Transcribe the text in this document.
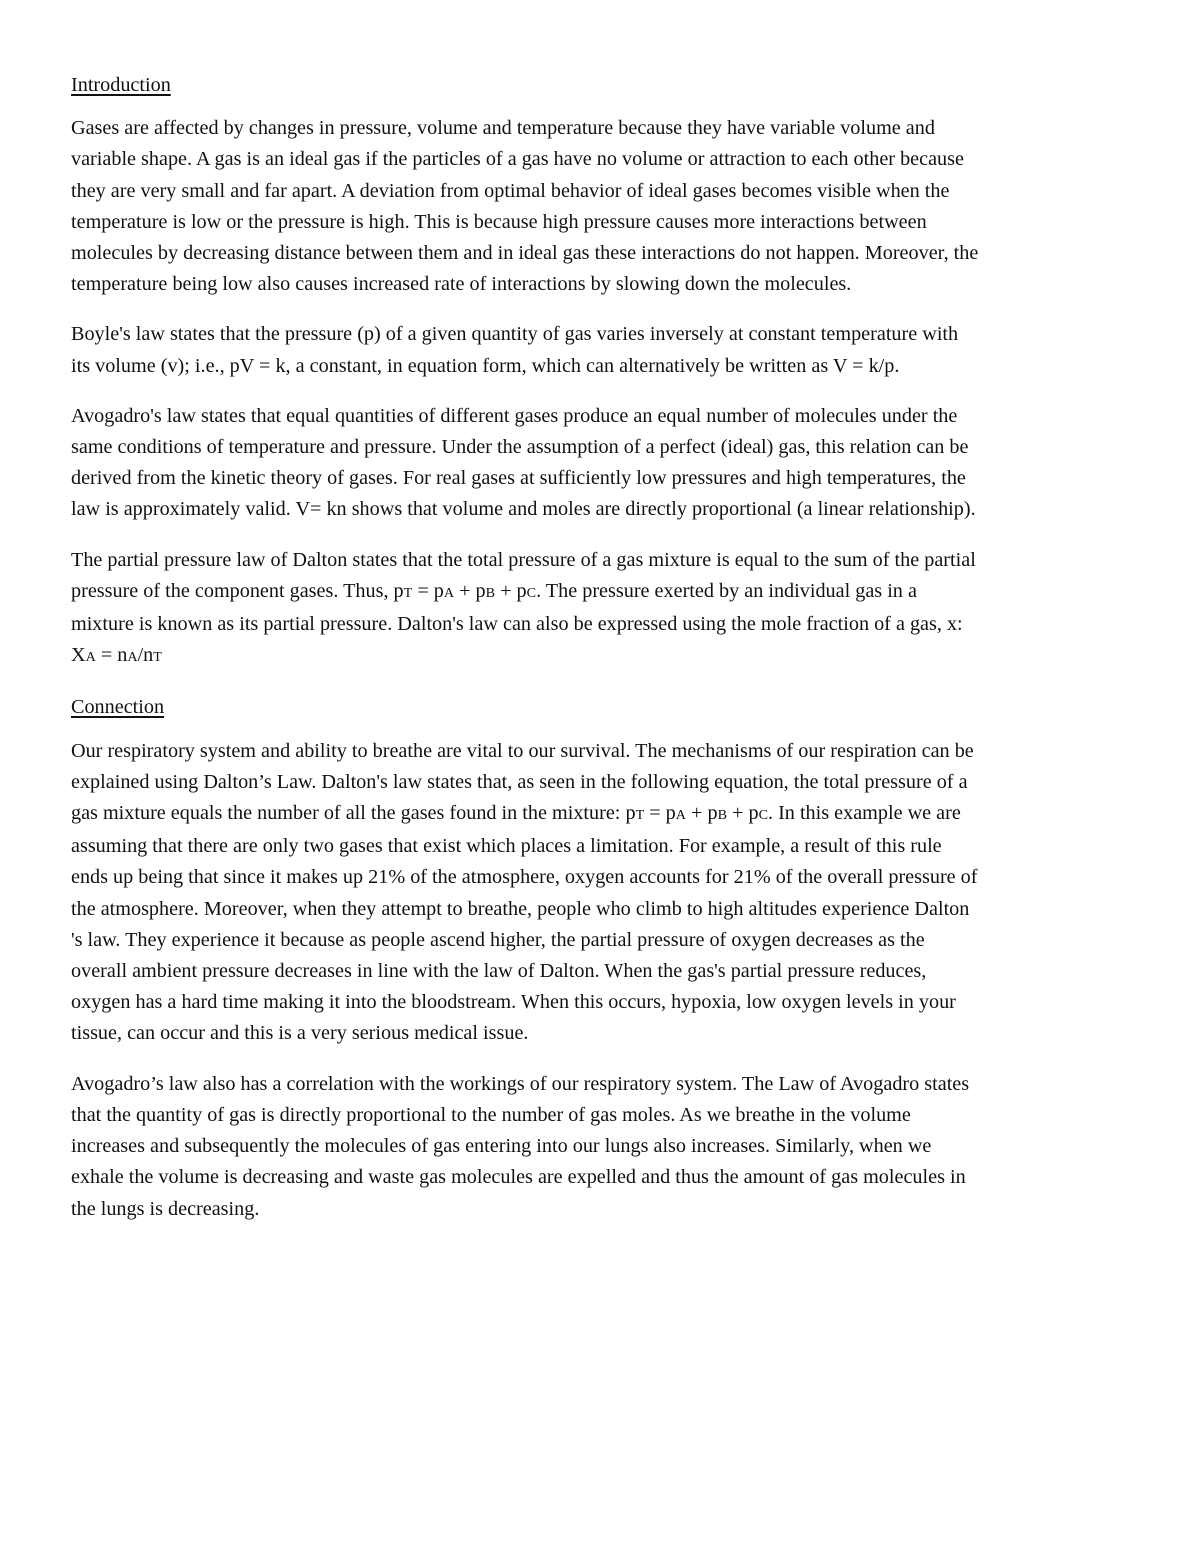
Introduction
Gases are affected by changes in pressure, volume and temperature because they have variable volume and
variable shape. A gas is an ideal gas if the particles of a gas have no volume or attraction to each other because
they are very small and far apart. A deviation from optimal behavior of ideal gases becomes visible when the
temperature is low or the pressure is high. This is because high pressure causes more interactions between
molecules by decreasing distance between them and in ideal gas these interactions do not happen. Moreover, the
temperature being low also causes increased rate of interactions by slowing down the molecules.
Boyle's law states that the pressure (p) of a given quantity of gas varies inversely at constant temperature with
its volume (v); i.e., pV = k, a constant, in equation form, which can alternatively be written as V = k/p.
Avogadro's law states that equal quantities of different gases produce an equal number of molecules under the
same conditions of temperature and pressure. Under the assumption of a perfect (ideal) gas, this relation can be
derived from the kinetic theory of gases. For real gases at sufficiently low pressures and high temperatures, the
law is approximately valid. V= kn shows that volume and moles are directly proportional (a linear relationship).
The partial pressure law of Dalton states that the total pressure of a gas mixture is equal to the sum of the partial
pressure of the component gases. Thus, pT = pA + pB + pC. The pressure exerted by an individual gas in a
mixture is known as its partial pressure. Dalton's law can also be expressed using the mole fraction of a gas, x:
XA = nA/nT
Connection
Our respiratory system and ability to breathe are vital to our survival. The mechanisms of our respiration can be
explained using Dalton’s Law. Dalton's law states that, as seen in the following equation, the total pressure of a
gas mixture equals the number of all the gases found in the mixture: pT = pA + pB + pC. In this example we are
assuming that there are only two gases that exist which places a limitation. For example, a result of this rule
ends up being that since it makes up 21% of the atmosphere, oxygen accounts for 21% of the overall pressure of
the atmosphere. Moreover, when they attempt to breathe, people who climb to high altitudes experience Dalton
's law. They experience it because as people ascend higher, the partial pressure of oxygen decreases as the
overall ambient pressure decreases in line with the law of Dalton. When the gas's partial pressure reduces,
oxygen has a hard time making it into the bloodstream. When this occurs, hypoxia, low oxygen levels in your
tissue, can occur and this is a very serious medical issue.
Avogadro’s law also has a correlation with the workings of our respiratory system. The Law of Avogadro states
that the quantity of gas is directly proportional to the number of gas moles. As we breathe in the volume
increases and subsequently the molecules of gas entering into our lungs also increases. Similarly, when we
exhale the volume is decreasing and waste gas molecules are expelled and thus the amount of gas molecules in
the lungs is decreasing.
